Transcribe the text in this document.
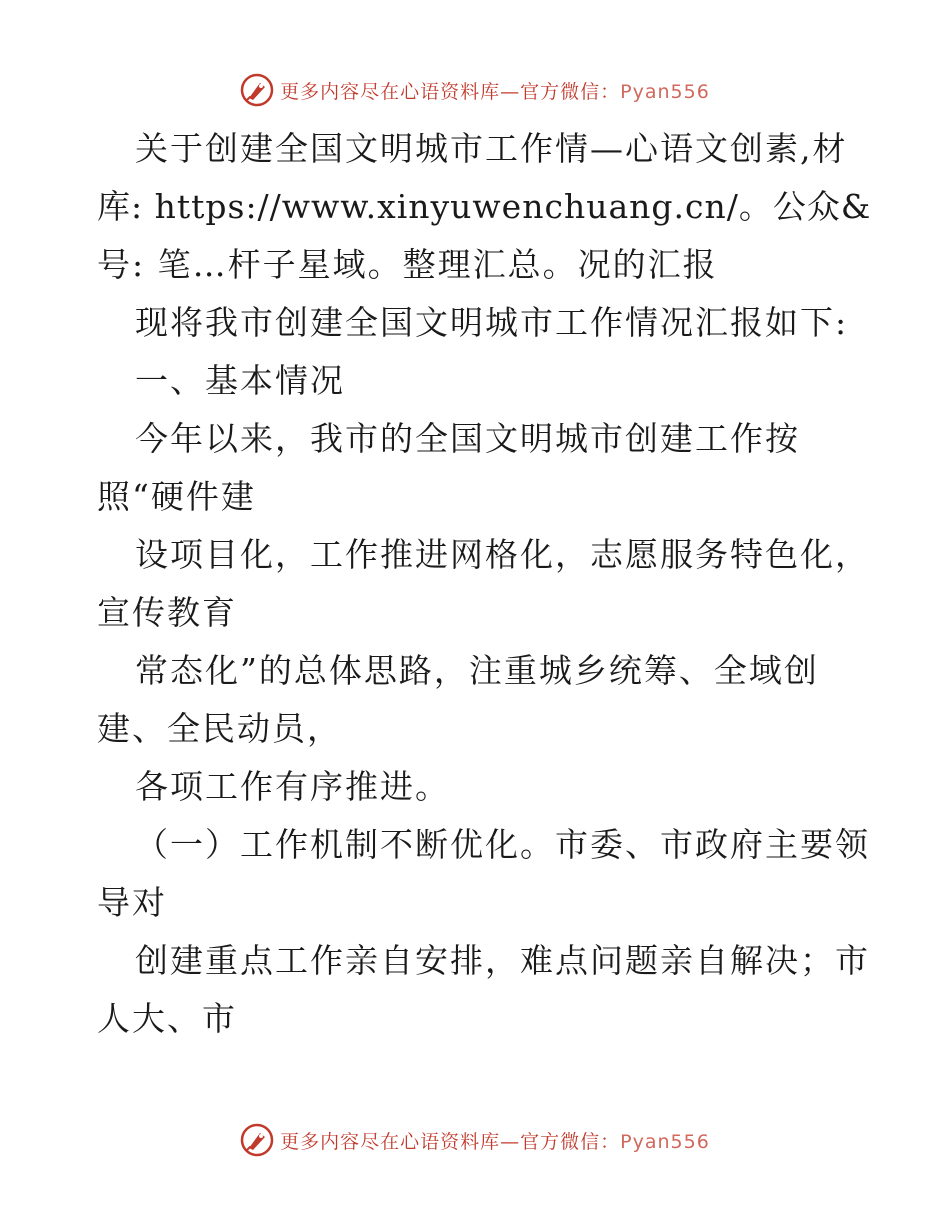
更多内容尽在心语资料库—官方微信：Pyan556
关于创建全国文明城市工作情—心语文创素,材
库: https://www.xinyuwenchuang.cn/。公众&
号: 笔…杆子星域。整理汇总。况的汇报
现将我市创建全国文明城市工作情况汇报如下:
一、基本情况
今年以来，我市的全国文明城市创建工作按
照“硬件建
设项目化，工作推进网格化，志愿服务特色化，
宣传教育
常态化”的总体思路，注重城乡统筹、全域创
建、全民动员，
各项工作有序推进。
（一）工作机制不断优化。市委、市政府主要领
导对
创建重点工作亲自安排，难点问题亲自解决；市
人大、市
更多内容尽在心语资料库—官方微信：Pyan556
